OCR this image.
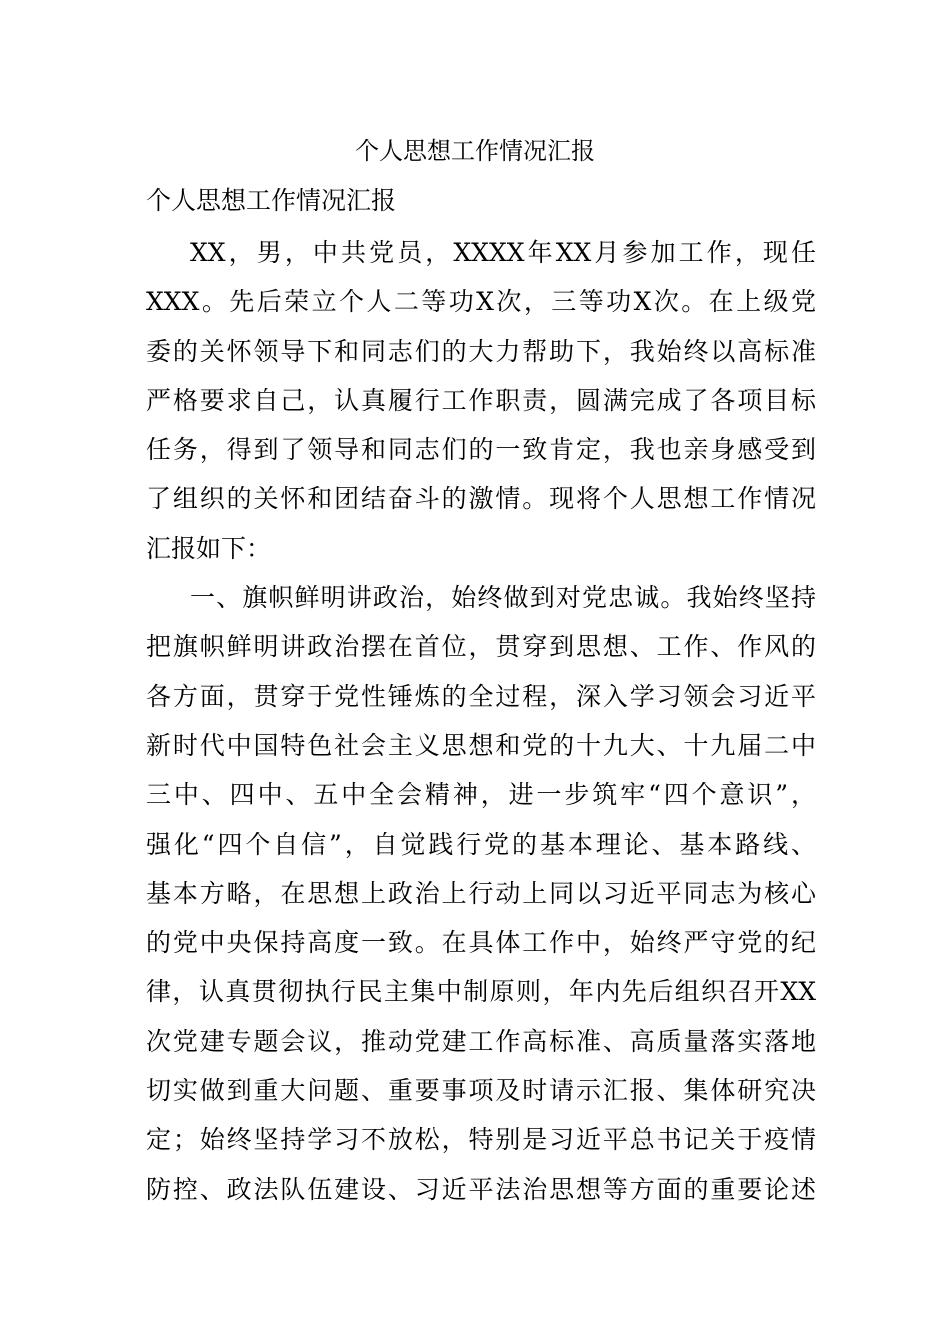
个人思想工作情况汇报
个人思想工作情况汇报
XX，男，中共党员，XXXX年XX月参加工作，现任
XXX。先后荣立个人二等功X次，三等功X次。在上级党
委的关怀领导下和同志们的大力帮助下，我始终以高标准
严格要求自己，认真履行工作职责，圆满完成了各项目标
任务，得到了领导和同志们的一致肯定，我也亲身感受到
了组织的关怀和团结奋斗的激情。现将个人思想工作情况
汇报如下：
一、旗帜鲜明讲政治，始终做到对党忠诚。我始终坚持
把旗帜鲜明讲政治摆在首位，贯穿到思想、工作、作风的
各方面，贯穿于党性锤炼的全过程，深入学习领会习近平
新时代中国特色社会主义思想和党的十九大、十九届二中
三中、四中、五中全会精神，进一步筑牢“四个意识”，
强化“四个自信”，自觉践行党的基本理论、基本路线、
基本方略，在思想上政治上行动上同以习近平同志为核心
的党中央保持高度一致。在具体工作中，始终严守党的纪
律，认真贯彻执行民主集中制原则，年内先后组织召开XX
次党建专题会议，推动党建工作高标准、高质量落实落地
切实做到重大问题、重要事项及时请示汇报、集体研究决
定；始终坚持学习不放松，特别是习近平总书记关于疫情
防控、政法队伍建设、习近平法治思想等方面的重要论述
